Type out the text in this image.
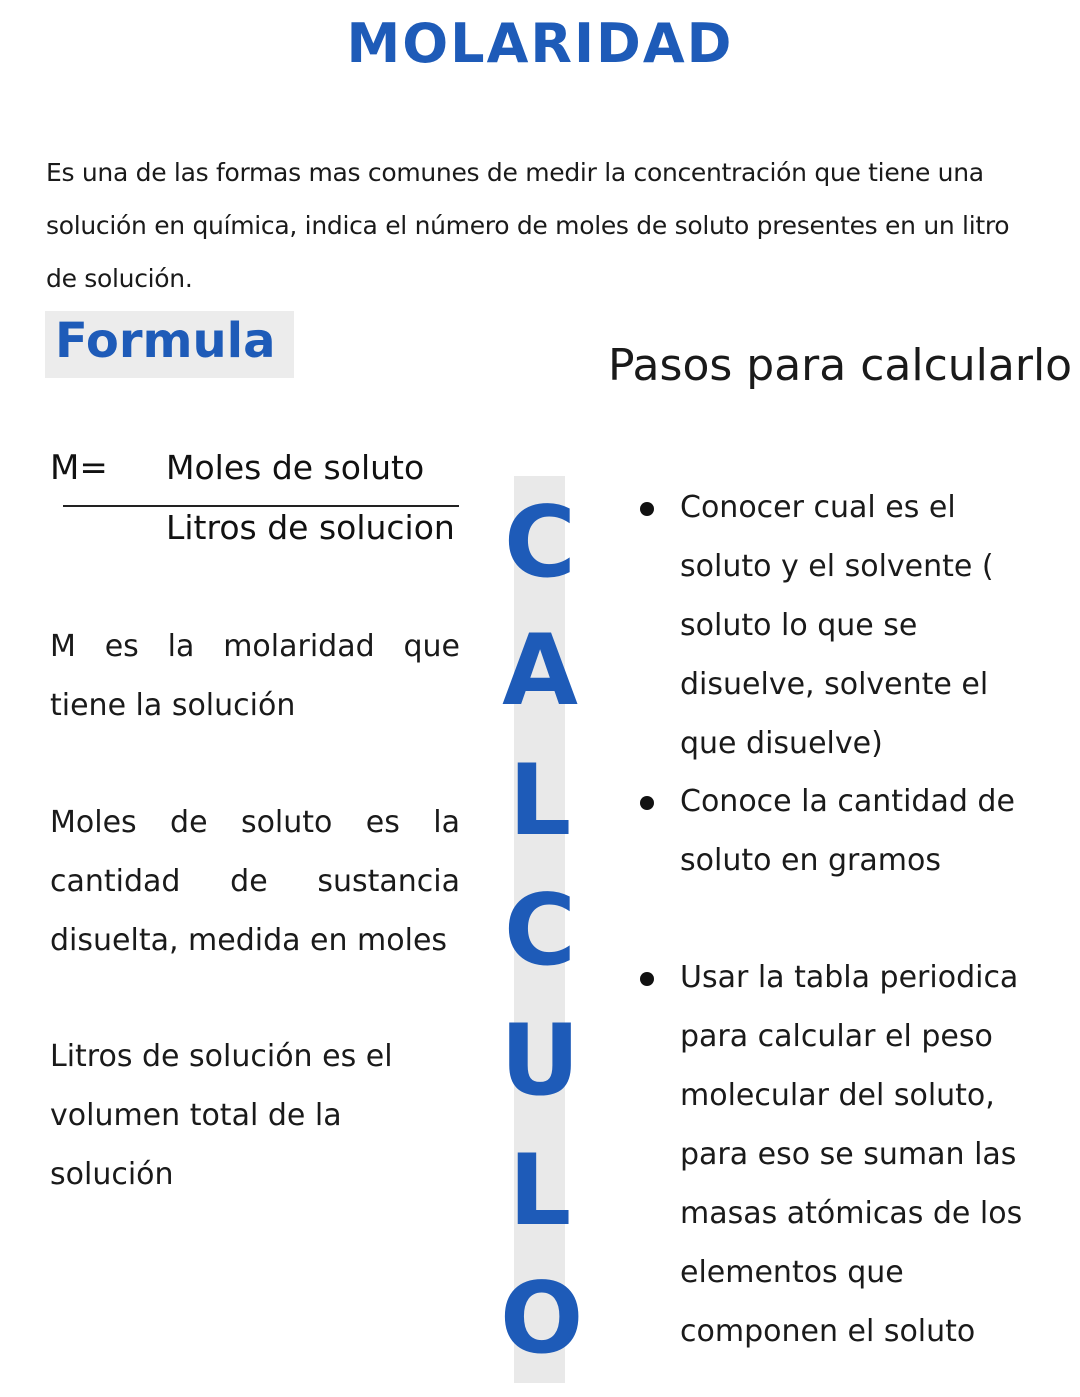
MOLARIDAD
Es una de las formas mas comunes de medir la concentración que tiene una solución en química, indica el número de moles de soluto presentes en un litro de solución.
Formula	Pasos para calcularlo
M= Moles de soluto
Litros de solucion
M es la molaridad que tiene la solución
Moles de soluto es la cantidad de sustancia disuelta, medida en moles
Litros de solución es el volumen total de la solución
C
A
L
C
U
L
O
Conocer cual es el soluto y el solvente ( soluto lo que se disuelve, solvente el que disuelve)
Conoce la cantidad de soluto en gramos
Usar la tabla periodica para calcular el peso molecular del soluto, para eso se suman las masas atómicas de los elementos que componen el soluto
